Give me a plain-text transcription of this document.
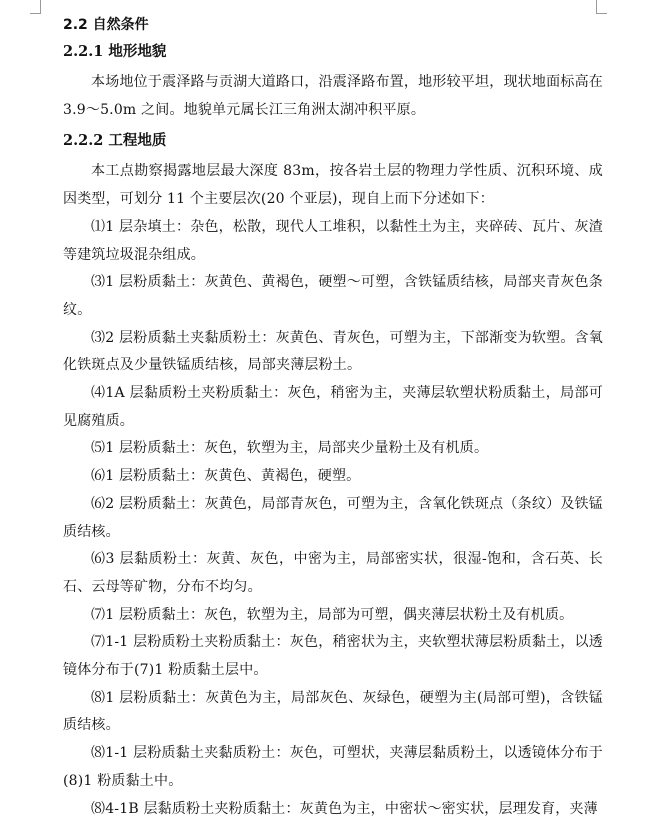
2.2 自然条件
2.2.1 地形地貌

本场地位于震泽路与贡湖大道路口，沿震泽路布置，地形较平坦，现状地面标高在 3.9～5.0m 之间。地貌单元属长江三角洲太湖冲积平原。

2.2.2 工程地质

本工点勘察揭露地层最大深度 83m，按各岩土层的物理力学性质、沉积环境、成因类型，可划分 11 个主要层次(20 个亚层)，现自上而下分述如下：

⑴1 层杂填土：杂色，松散，现代人工堆积，以黏性土为主，夹碎砖、瓦片、灰渣等建筑垃圾混杂组成。

⑶1 层粉质黏土：灰黄色、黄褐色，硬塑～可塑，含铁锰质结核，局部夹青灰色条纹。

⑶2 层粉质黏土夹黏质粉土：灰黄色、青灰色，可塑为主，下部渐变为软塑。含氧化铁斑点及少量铁锰质结核，局部夹薄层粉土。

⑷1A 层黏质粉土夹粉质黏土：灰色，稍密为主，夹薄层软塑状粉质黏土，局部可见腐殖质。

⑸1 层粉质黏土：灰色，软塑为主，局部夹少量粉土及有机质。

⑹1 层粉质黏土：灰黄色、黄褐色，硬塑。

⑹2 层粉质黏土：灰黄色，局部青灰色，可塑为主，含氧化铁斑点（条纹）及铁锰质结核。

⑹3 层黏质粉土：灰黄、灰色，中密为主，局部密实状，很湿-饱和，含石英、长石、云母等矿物，分布不均匀。

⑺1 层粉质黏土：灰色，软塑为主，局部为可塑，偶夹薄层状粉土及有机质。

⑺1-1 层粉质粉土夹粉质黏土：灰色，稍密状为主，夹软塑状薄层粉质黏土，以透镜体分布于(7)1 粉质黏土层中。

⑻1 层粉质黏土：灰黄色为主，局部灰色、灰绿色，硬塑为主(局部可塑)，含铁锰质结核。

⑻1-1 层粉质黏土夹黏质粉土：灰色，可塑状，夹薄层黏质粉土，以透镜体分布于(8)1 粉质黏土中。

⑻4-1B 层黏质粉土夹粉质黏土：灰黄色为主，中密状～密实状，层理发育，夹薄
